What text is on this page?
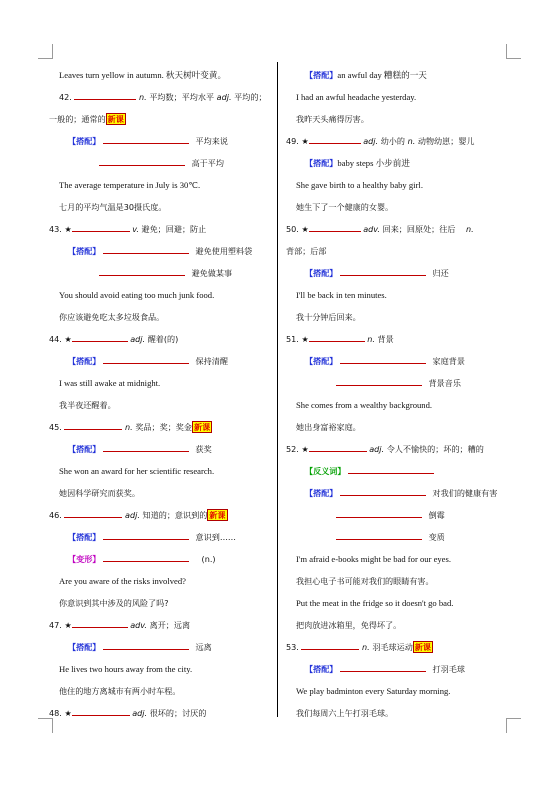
Leaves turn yellow in autumn. 秋天树叶变黄。
42.	n. 平均数；平均水平 adj. 平均的；
一般的；通常的 新课
【搭配】	平均来说
高于平均
The average temperature in July is 30℃.
七月的平均气温是30摄氏度。
43. ★	v. 避免；回避；防止
【搭配】	避免使用塑料袋
避免做某事
You should avoid eating too much junk food.
你应该避免吃太多垃圾食品。
44. ★	adj. 醒着(的)
【搭配】	保持清醒
I was still awake at midnight.
我半夜还醒着。
45.	n. 奖品；奖；奖金 新课
【搭配】	获奖
She won an award for her scientific research.
她因科学研究而获奖。
46.	adj. 知道的；意识到的 新课
【搭配】	意识到……
【变形】	(n.)
Are you aware of the risks involved?
你意识到其中涉及的风险了吗?
47. ★	adv. 离开；远离
【搭配】	远离
He lives two hours away from the city.
他住的地方离城市有两小时车程。
48. ★	adj. 很坏的；讨厌的
【搭配】an awful day 糟糕的一天
I had an awful headache yesterday.
我昨天头痛得厉害。
49. ★	adj. 幼小的 n. 动物幼崽；婴儿
【搭配】baby steps 小步前进
She gave birth to a healthy baby girl.
她生下了一个健康的女婴。
50. ★	adv. 回来；回原处；往后 n.
背部；后部
【搭配】	归还
I'll be back in ten minutes.
我十分钟后回来。
51. ★	n. 背景
【搭配】	家庭背景
背景音乐
She comes from a wealthy background.
她出身富裕家庭。
52. ★	adj. 令人不愉快的；坏的；糟的
【反义词】
【搭配】	对我们的健康有害
倒霉
变质
I'm afraid e-books might be bad for our eyes.
我担心电子书可能对我们的眼睛有害。
Put the meat in the fridge so it doesn't go bad.
把肉放进冰箱里，免得坏了。
53.	n. 羽毛球运动 新课
【搭配】	打羽毛球
We play badminton every Saturday morning.
我们每周六上午打羽毛球。
